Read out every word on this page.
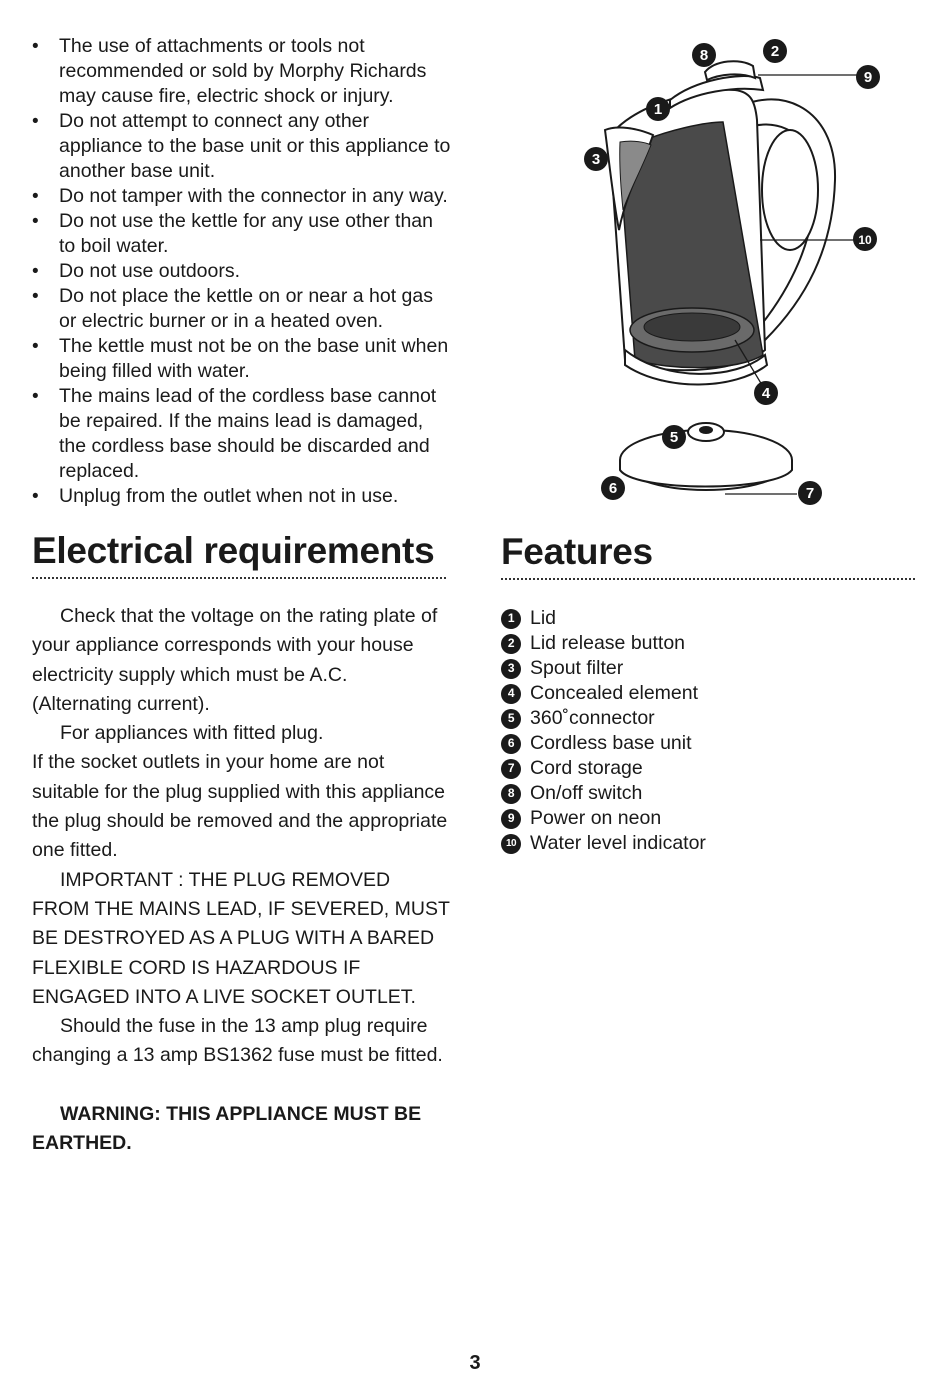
• The use of attachments or tools not recommended or sold by Morphy Richards may cause fire, electric shock or injury.
• Do not attempt to connect any other appliance to the base unit or this appliance to another base unit.
• Do not tamper with the connector in any way.
• Do not use the kettle for any use other than to boil water.
• Do not use outdoors.
• Do not place the kettle on or near a hot gas or electric burner or in a heated oven.
• The kettle must not be on the base unit when being filled with water.
• The mains lead of the cordless base cannot be repaired. If the mains lead is damaged, the cordless base should be discarded and replaced.
• Unplug from the outlet when not in use.
Electrical requirements

Check that the voltage on the rating plate of your appliance corresponds with your house electricity supply which must be A.C. (Alternating current).

For appliances with fitted plug.

If the socket outlets in your home are not suitable for the plug supplied with this appliance the plug should be removed and the appropriate one fitted.

IMPORTANT : THE PLUG REMOVED FROM THE MAINS LEAD, IF SEVERED, MUST BE DESTROYED AS A PLUG WITH A BARED FLEXIBLE CORD IS HAZARDOUS IF ENGAGED INTO A LIVE SOCKET OUTLET.

Should the fuse in the 13 amp plug require changing a 13 amp BS1362 fuse must be fitted.

WARNING: THIS APPLIANCE MUST BE EARTHED.

1
2
3
4
5
6	7
8
9
10
Features
1 Lid
2 Lid release button
3 Spout filter
4 Concealed element
5 360˚connector
6 Cordless base unit
7 Cord storage
8 On/off switch
9 Power on neon
10 Water level indicator
3
